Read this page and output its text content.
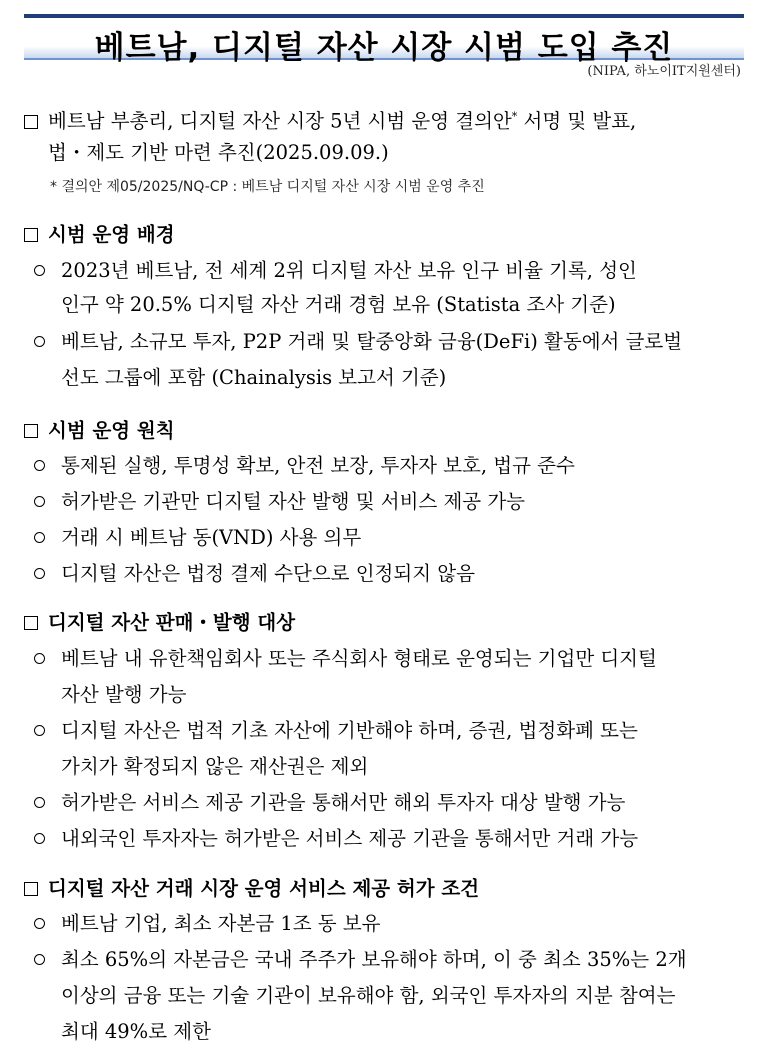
베트남, 디지털 자산 시장 시범 도입 추진
(NIPA, 하노이IT지원센터)
베트남 부총리, 디지털 자산 시장 5년 시범 운영 결의안* 서명 및 발표,
법・제도 기반 마련 추진(2025.09.09.)
* 결의안 제05/2025/NQ-CP : 베트남 디지털 자산 시장 시범 운영 추진
시범 운영 배경
2023년 베트남, 전 세계 2위 디지털 자산 보유 인구 비율 기록, 성인
인구 약 20.5% 디지털 자산 거래 경험 보유 (Statista 조사 기준)
베트남, 소규모 투자, P2P 거래 및 탈중앙화 금융(DeFi) 활동에서 글로벌
선도 그룹에 포함 (Chainalysis 보고서 기준)
시범 운영 원칙
통제된 실행, 투명성 확보, 안전 보장, 투자자 보호, 법규 준수
허가받은 기관만 디지털 자산 발행 및 서비스 제공 가능
거래 시 베트남 동(VND) 사용 의무
디지털 자산은 법정 결제 수단으로 인정되지 않음
디지털 자산 판매・발행 대상
베트남 내 유한책임회사 또는 주식회사 형태로 운영되는 기업만 디지털
자산 발행 가능
디지털 자산은 법적 기초 자산에 기반해야 하며, 증권, 법정화폐 또는
가치가 확정되지 않은 재산권은 제외
허가받은 서비스 제공 기관을 통해서만 해외 투자자 대상 발행 가능
내외국인 투자자는 허가받은 서비스 제공 기관을 통해서만 거래 가능
디지털 자산 거래 시장 운영 서비스 제공 허가 조건
베트남 기업, 최소 자본금 1조 동 보유
최소 65%의 자본금은 국내 주주가 보유해야 하며, 이 중 최소 35%는 2개
이상의 금융 또는 기술 기관이 보유해야 함, 외국인 투자자의 지분 참여는
최대 49%로 제한
